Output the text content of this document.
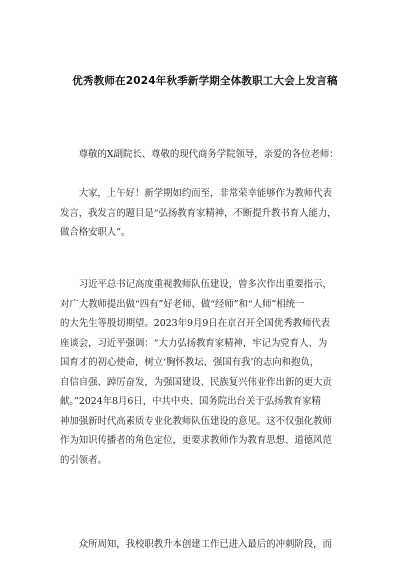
优秀教师在2024年秋季新学期全体教职工大会上发言稿

尊敬的X副院长、尊敬的现代商务学院领导，亲爱的各位老师：

大家，上午好！新学期如约而至，非常荣幸能够作为教师代表
发言，我发言的题目是“弘扬教育家精神，不断提升教书育人能力，
做合格安职人”。

习近平总书记高度重视教师队伍建设，曾多次作出重要指示，
对广大教师提出做“四有”好老师、做“经师”和“人师”相统一
的大先生等殷切期望。2023年9月9日在京召开全国优秀教师代表
座谈会，习近平强调：“大力弘扬教育家精神，牢记为党育人、为
国育才的初心使命，树立‘胸怀教坛、强国有我’的志向和抱负，
自信自强、踔厉奋发，为强国建设、民族复兴伟业作出新的更大贡
献。”2024年8月6日，中共中央、国务院出台关于弘扬教育家精
神加强新时代高素质专业化教师队伍建设的意见。这不仅强化教师
作为知识传播者的角色定位，更要求教师作为教育思想、道德风范
的引领者。

众所周知，我校职教升本创建工作已进入最后的冲刺阶段，而
